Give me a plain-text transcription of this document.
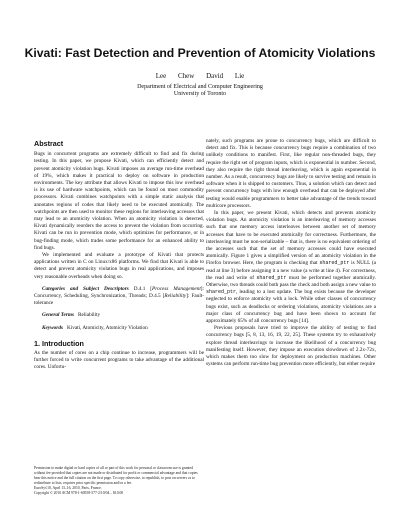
Kivati: Fast Detection and Prevention of Atomicity Violations
Lee Chew David Lie
Department of Electrical and Computer Engineering
University of Toronto
Abstract

Bugs in concurrent programs are extremely difficult to find and fix during testing. In this paper, we propose Kivati, which can efficiently detect and prevent atomicity violation bugs. Kivati imposes an average run-time overhead of 19%, which makes it practical to deploy on software in production environments. The key attribute that allows Kivati to impose this low overhead is its use of hardware watchpoints, which can be found on most commodity processors. Kivati combines watchpoints with a simple static analysis that annotates regions of codes that likely need to be executed atomically. The watchpoints are then used to monitor these regions for interleaving accesses that may lead to an atomicity violation. When an atomicity violation is detected, Kivati dynamically reorders the access to prevent the violation from occurring. Kivati can be run in prevention mode, which optimizes for performance, or in bug-finding mode, which trades some performance for an enhanced ability to find bugs.

We implemented and evaluate a prototype of Kivati that protects applications written in C on Linux/x86 platforms. We find that Kivati is able to detect and prevent atomicity violation bugs in real applications, and imposes very reasonable overheads when doing so.

Categories and Subject Descriptors D.4.1 [Process Management]: Concurrency, Scheduling, Synchronization, Threads; D.4.5 [Reliability]: Fault-tolerance

General Terms Reliability

Keywords Kivati, Atomicity, Atomicity Violation

1. Introduction

As the number of cores on a chip continue to increase, programmers will be further forced to write concurrent programs to take advantage of the additional cores. Unfortu-

Permission to make digital or hard copies of all or part of this work for personal or classroom use is granted without fee provided that copies are not made or distributed for profit or commercial advantage and that copies bear this notice and the full citation on the first page. To copy otherwise, to republish, to post on servers or to redistribute to lists, requires prior specific permission and/or a fee.
EuroSys'10, April 13–16, 2010, Paris, France.
Copyright © 2010 ACM 978-1-60558-577-2/10/04... $10.00

nately, such programs are prone to concurrency bugs, which are difficult to detect and fix. This is because concurrency bugs require a combination of two unlikely conditions to manifest. First, like regular non-threaded bugs, they require the right set of program inputs, which is exponential in number. Second, they also require the right thread interleaving, which is again exponential in number. As a result, concurrency bugs are likely to survive testing and remain in software when it is shipped to customers. Thus, a solution which can detect and prevent concurrency bugs with low enough overhead that can be deployed after testing would enable programmers to better take advantage of the trends toward multicore processors.

In this paper, we present Kivati, which detects and prevents atomicity violation bugs. An atomicity violation is an interleaving of memory accesses such that one memory access interleaves between another set of memory accesses that have to be executed atomically for correctness. Furthermore, the interleaving must be non-serializable – that is, there is no equivalent ordering of the accesses such that the set of memory accesses could have executed atomically. Figure 1 gives a simplified version of an atomicity violation in the Firefox browser. Here, the program is checking that shared_ptr is NULL (a read at line 3) before assigning it a new value (a write at line 4). For correctness, the read and write of shared_ptr must be performed together atomically. Otherwise, two threads could both pass the check and both assign a new value to shared_ptr, leading to a lost update. The bug exists because the developer neglected to enforce atomicity with a lock. While other classes of concurrency bugs exist, such as deadlocks or ordering violations, atomicity violations are a major class of concurrency bug and have been shown to account for approximately 65% of all concurrency bugs [14].

Previous proposals have tried to improve the ability of testing to find concurrency bugs [5, 8, 13, 16, 19, 22, 25]. These systems try to exhaustively explore thread interleavings to increase the likelihood of a concurrency bug manifesting itself. However, they impose an execution slowdown of 2.2x-72x, which makes them too slow for deployment on production machines. Other systems can perform run-time bug prevention more efficiently, but either require
